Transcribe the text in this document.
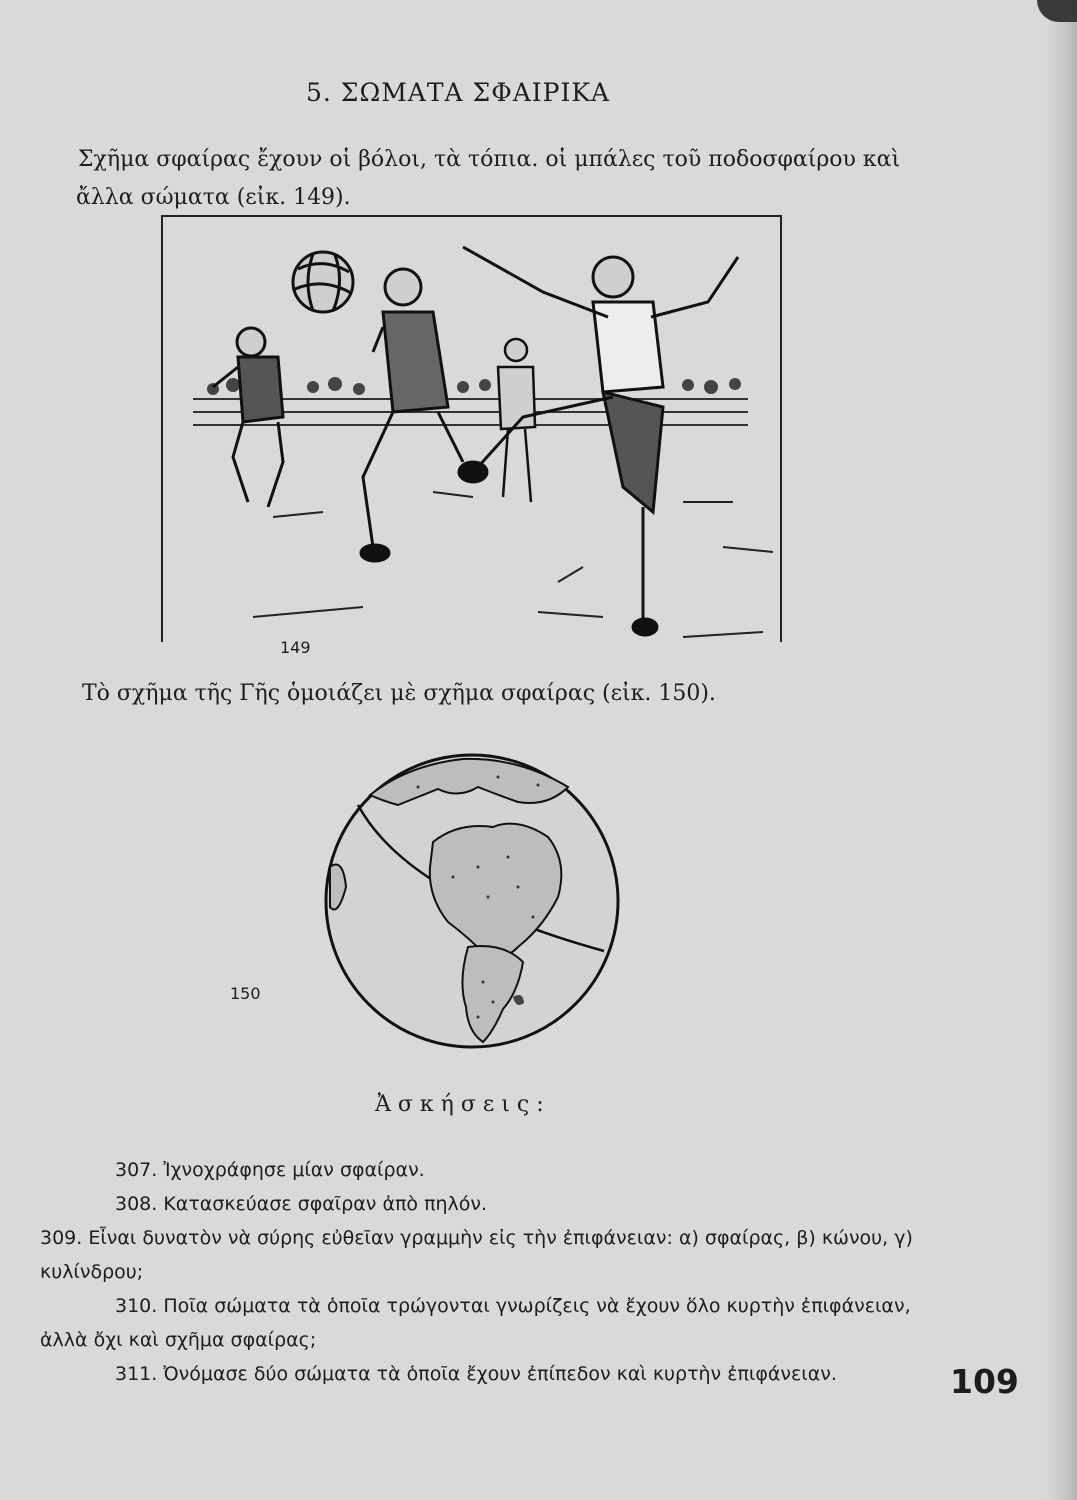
5. ΣΩΜΑΤΑ ΣΦΑΙΡΙΚΑ
Σχῆμα σφαίρας ἔχουν οἱ βόλοι, τὰ τόπια. οἱ μπάλες τοῦ ποδοσφαίρου καὶ ἄλλα σώματα (εἰκ. 149).
149
Τὸ σχῆμα τῆς Γῆς ὁμοιάζει μὲ σχῆμα σφαίρας (εἰκ. 150).
150
Ἀσκήσεις:

307. Ἰχνοχράφησε μίαν σφαίραν.

308. Κατασκεύασε σφαῖραν ἀπὸ πηλόν.

309. Εἶναι δυνατὸν νὰ σύρης εὐθεῖαν γραμμὴν εἰς τὴν ἐπιφάνειαν: α) σφαίρας, β) κώνου, γ) κυλίνδρου;

310. Ποῖα σώματα τὰ ὁποῖα τρώγονται γνωρίζεις νὰ ἔχουν ὅλο κυρτὴν ἐπιφάνειαν, ἀλλὰ ὄχι καὶ σχῆμα σφαίρας;

311. Ὀνόμασε δύο σώματα τὰ ὁποῖα ἔχουν ἐπίπεδον καὶ κυρτὴν ἐπιφάνειαν.	109
